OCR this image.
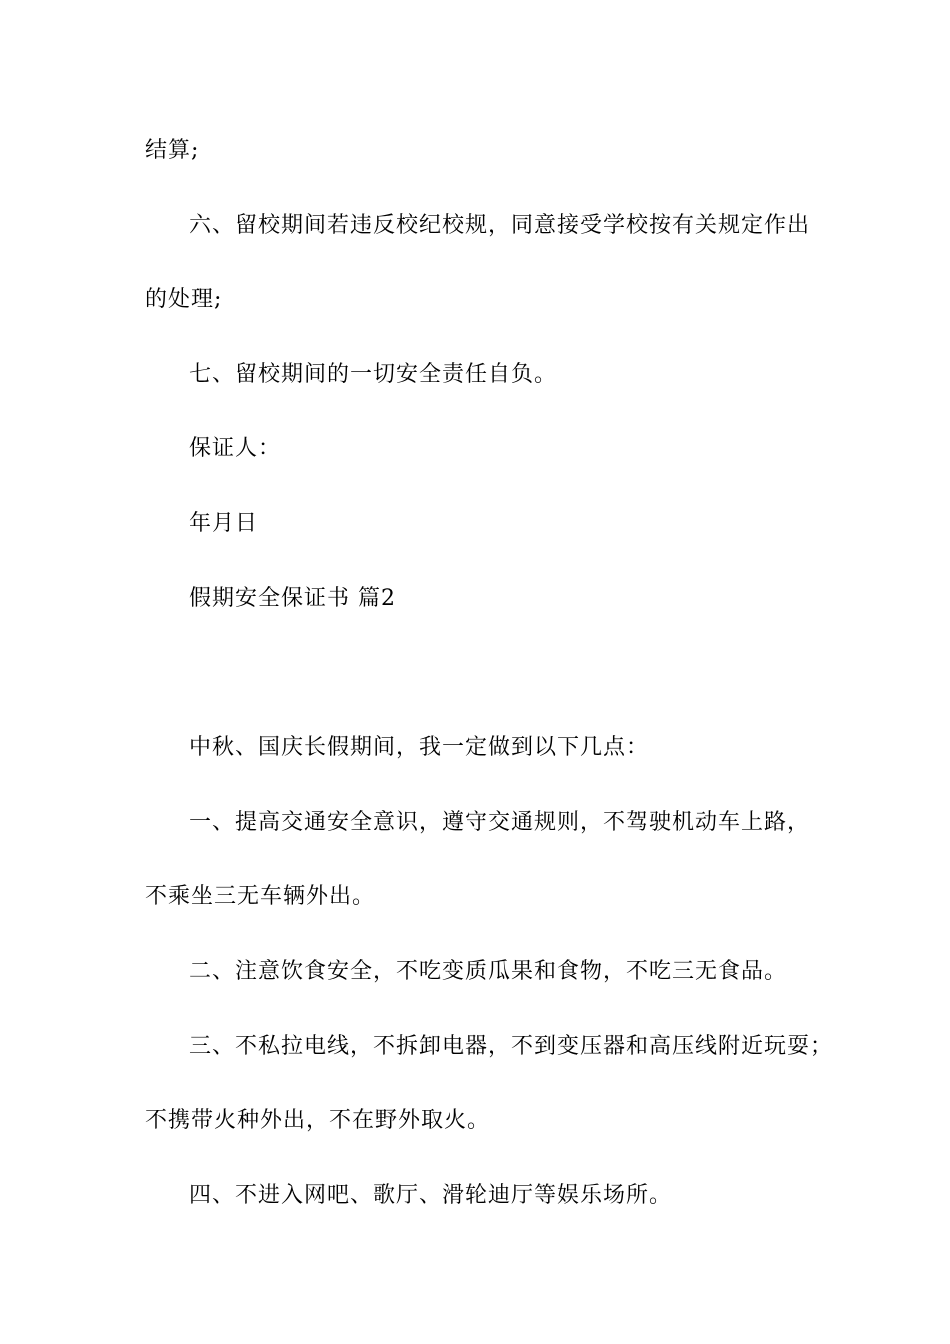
结算;
六、留校期间若违反校纪校规，同意接受学校按有关规定作出
的处理;
七、留校期间的一切安全责任自负。
保证人：
年月日
假期安全保证书 篇2
中秋、国庆长假期间，我一定做到以下几点：
一、提高交通安全意识，遵守交通规则，不驾驶机动车上路，
不乘坐三无车辆外出。
二、注意饮食安全，不吃变质瓜果和食物，不吃三无食品。
三、不私拉电线，不拆卸电器，不到变压器和高压线附近玩耍；
不携带火种外出，不在野外取火。
四、不进入网吧、歌厅、滑轮迪厅等娱乐场所。
